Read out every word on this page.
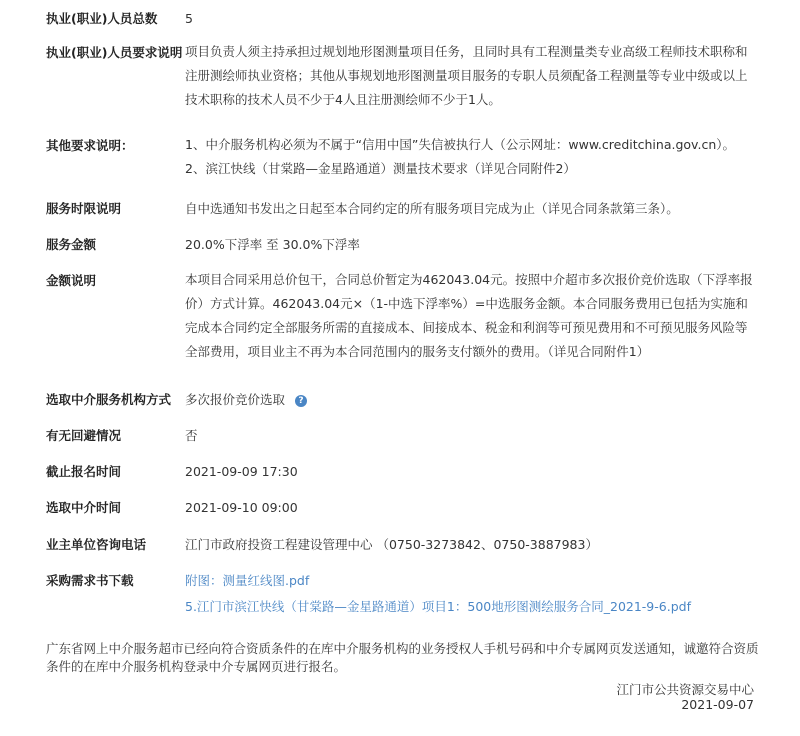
执业(职业)人员总数 5
执业(职业)人员要求说明 项目负责人须主持承担过规划地形图测量项目任务，且同时具有工程测量类专业高级工程师技术职称和注册测绘师执业资格；其他从事规划地形图测量项目服务的专职人员须配备工程测量等专业中级或以上技术职称的技术人员不少于4人且注册测绘师不少于1人。
其他要求说明：	1、中介服务机构必须为不属于“信用中国”失信被执行人（公示网址：www.creditchina.gov.cn）。 2、滨江快线（甘棠路—金星路通道）测量技术要求（详见合同附件2）
服务时限说明	自中选通知书发出之日起至本合同约定的所有服务项目完成为止（详见合同条款第三条）。
服务金额	20.0%下浮率 至 30.0%下浮率
金额说明	本项目合同采用总价包干，合同总价暂定为462043.04元。按照中介超市多次报价竞价选取（下浮率报价）方式计算。462043.04元×（1-中选下浮率%）=中选服务金额。本合同服务费用已包括为实施和完成本合同约定全部服务所需的直接成本、间接成本、税金和利润等可预见费用和不可预见服务风险等全部费用，项目业主不再为本合同范围内的服务支付额外的费用。（详见合同附件1）
选取中介服务机构方式 多次报价竞价选取 ?
有无回避情况	否
截止报名时间	2021-09-09 17:30
选取中介时间	2021-09-10 09:00
业主单位咨询电话	江门市政府投资工程建设管理中心 （0750-3273842、0750-3887983）
采购需求书下载	附图：测量红线图.pdf
5.江门市滨江快线（甘棠路—金星路通道）项目1：500地形图测绘服务合同_2021-9-6.pdf
广东省网上中介服务超市已经向符合资质条件的在库中介服务机构的业务授权人手机号码和中介专属网页发送通知，诚邀符合资质条件的在库中介服务机构登录中介专属网页进行报名。
江门市公共资源交易中心
2021-09-07
